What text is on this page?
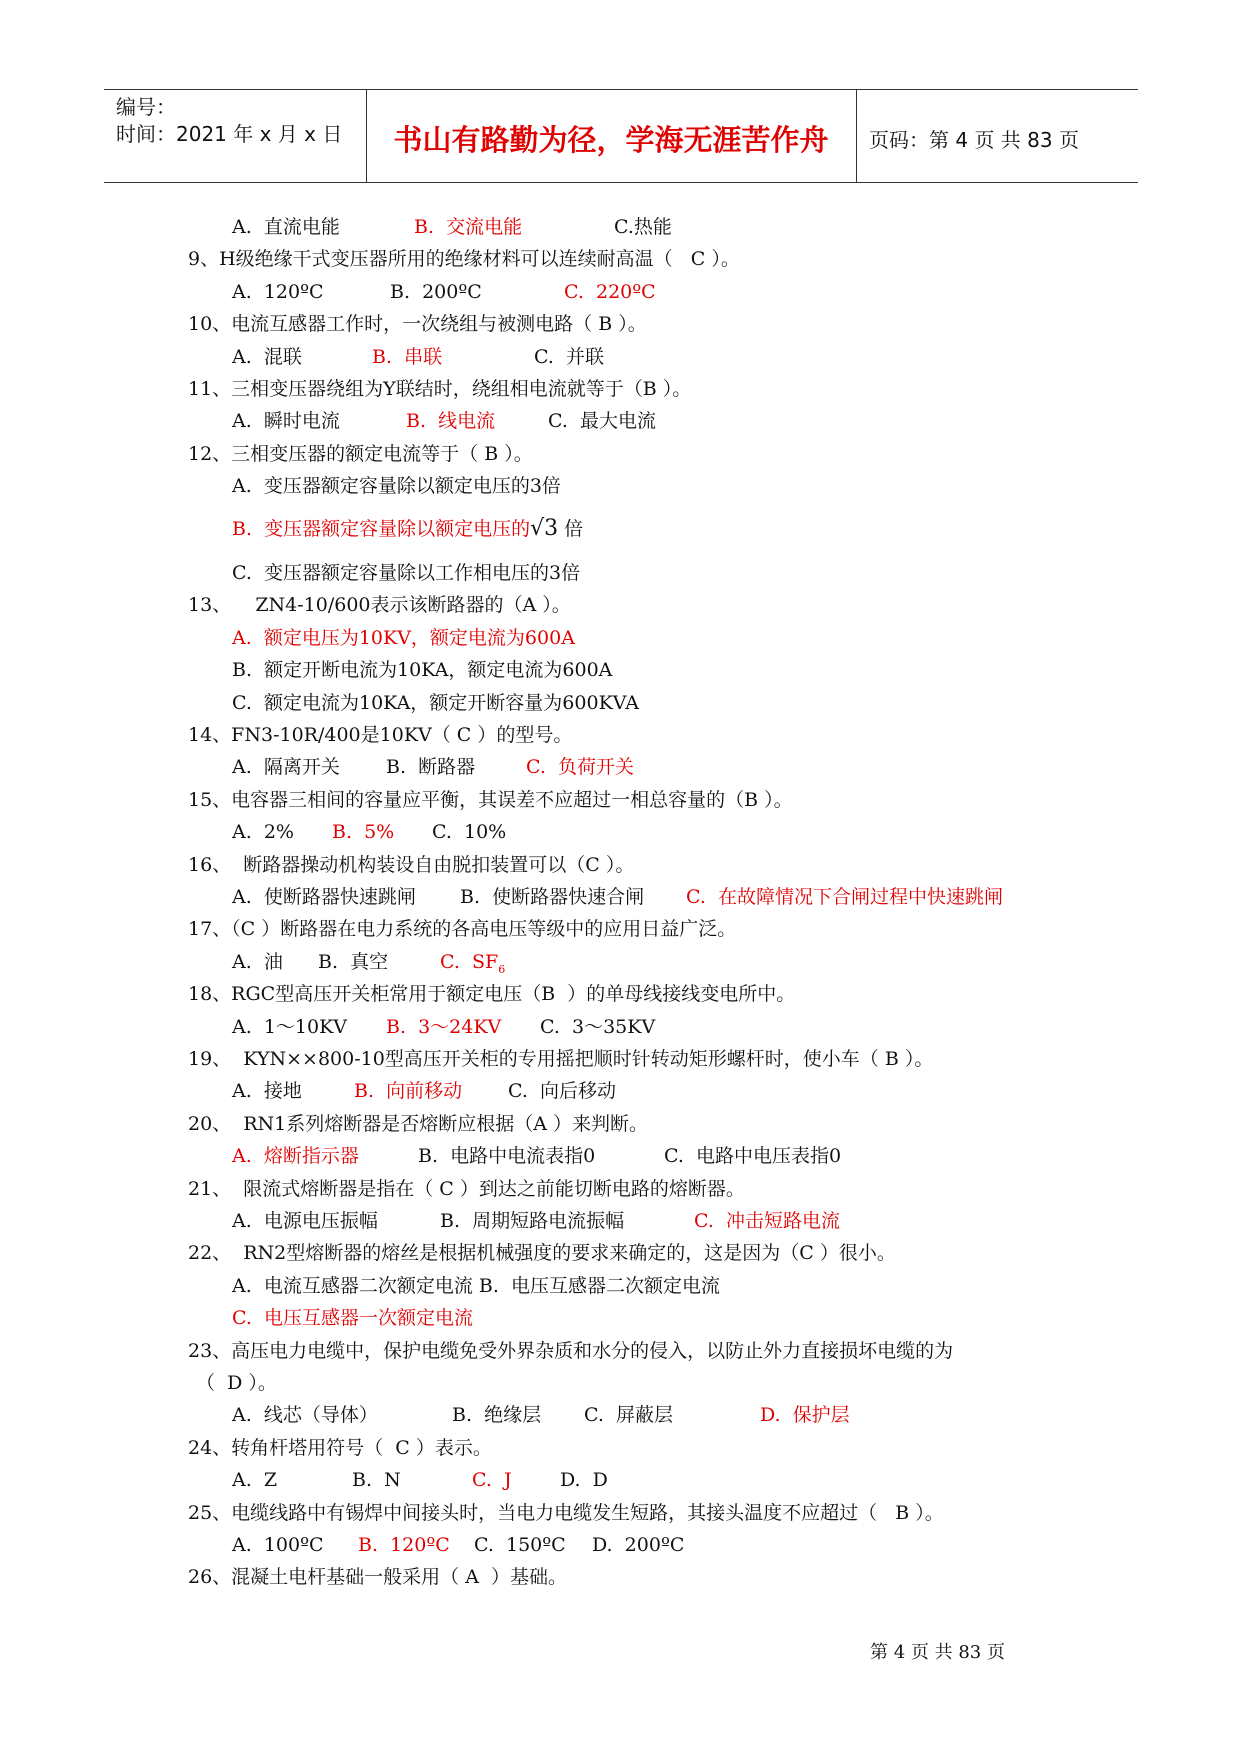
编号：
时间：2021 年 x 月 x 日	书山有路勤为径，学海无涯苦作舟	页码：第 4 页 共 83 页
A.  直流电能	B.  交流电能	C.热能
9、H级绝缘干式变压器所用的绝缘材料可以连续耐高温（   C ）。
A.  120ºC	B.  200ºC	C.  220ºC
10、电流互感器工作时，一次绕组与被测电路（ B ）。
A.  混联	B.  串联	C.  并联
11、三相变压器绕组为Y联结时，绕组相电流就等于（B ）。
A.  瞬时电流	B.  线电流	C.  最大电流
12、三相变压器的额定电流等于（ B ）。
A.  变压器额定容量除以额定电压的3倍
B.  变压器额定容量除以额定电压的√3 倍
C.  变压器额定容量除以工作相电压的3倍
13、    ZN4-10/600表示该断路器的（A ）。
A.  额定电压为10KV，额定电流为600A
B.  额定开断电流为10KA，额定电流为600A
C.  额定电流为10KA，额定开断容量为600KVA
14、FN3-10R/400是10KV（ C ）的型号。
A.  隔离开关 B.  断路器	C.  负荷开关
15、电容器三相间的容量应平衡，其误差不应超过一相总容量的（B ）。
A.  2% B.  5% C.  10%
16、  断路器操动机构装设自由脱扣装置可以（C ）。
A.  使断路器快速跳闸 B.  使断路器快速合闸 C.  在故障情况下合闸过程中快速跳闸
17、（C ）断路器在电力系统的各高电压等级中的应用日益广泛。
A.  油 B.  真空	C.  $SF_6$
18、RGC型高压开关柜常用于额定电压（B  ）的单母线接线变电所中。
A.  1～10KV B.  3～24KV C.  3～35KV
19、  KYN××800-10型高压开关柜的专用摇把顺时针转动矩形螺杆时，使小车（ B ）。
A.  接地	B.  向前移动 C.  向后移动
20、  RN1系列熔断器是否熔断应根据（A ）来判断。
A.  熔断指示器	B.  电路中电流表指0	C.  电路中电压表指0
21、  限流式熔断器是指在（ C ）到达之前能切断电路的熔断器。
A.  电源电压振幅	B.  周期短路电流振幅	C.  冲击短路电流
22、  RN2型熔断器的熔丝是根据机械强度的要求来确定的，这是因为（C ）很小。
A.  电流互感器二次额定电流 B.  电压互感器二次额定电流
C.  电压互感器一次额定电流
23、高压电力电缆中，保护电缆免受外界杂质和水分的侵入，以防止外力直接损坏电缆的为
（  D ）。
A.  线芯（导体）	B.  绝缘层 C.  屏蔽层	D.  保护层
24、转角杆塔用符号（  C ）表示。
A.  Z	B.  N	C.  J	D.  D
25、电缆线路中有锡焊中间接头时，当电力电缆发生短路，其接头温度不应超过（   B ）。
A.  100ºC B.  120ºC C.  150ºC D.  200ºC
26、混凝土电杆基础一般采用（ A  ）基础。
第 4 页 共 83 页
